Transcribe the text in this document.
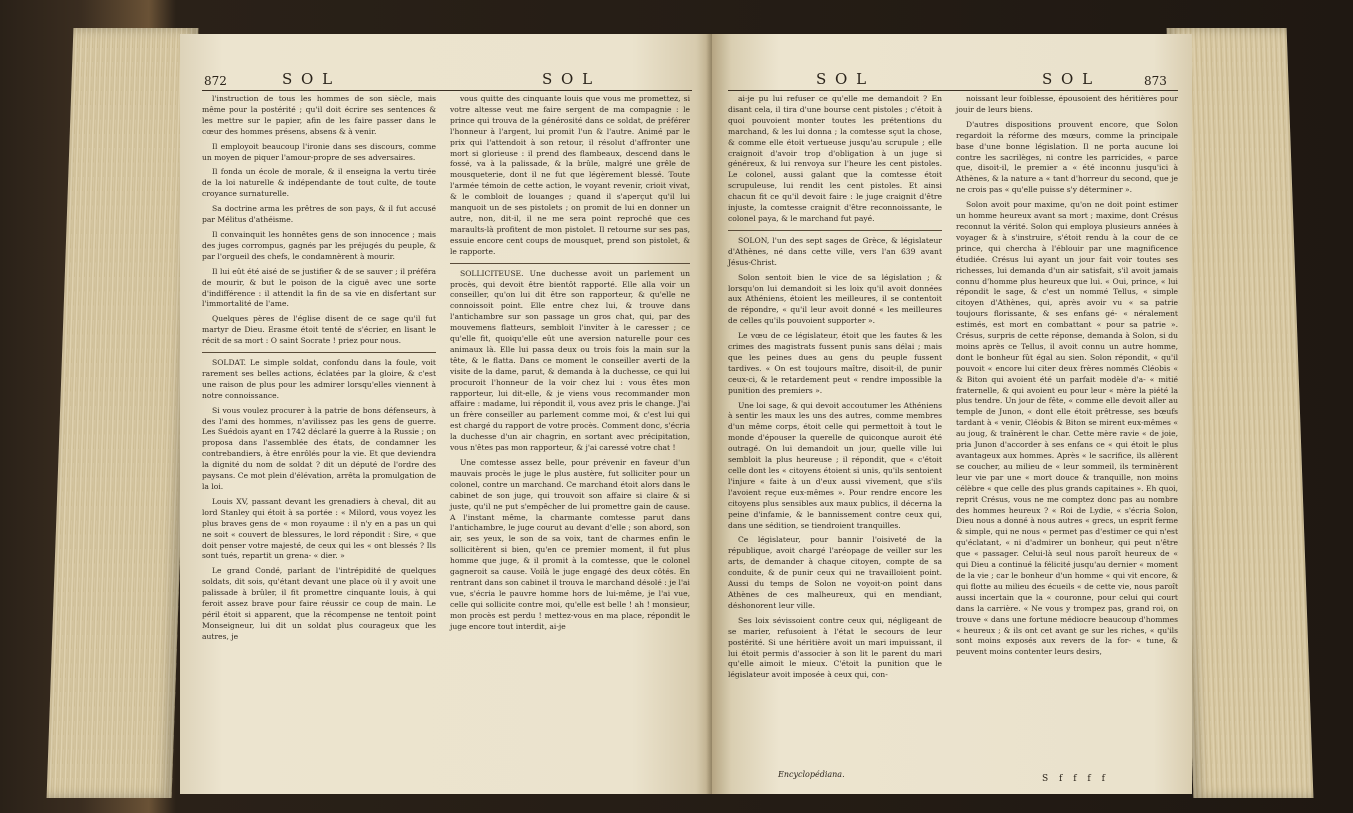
872	S O L	S O L

l'instruction de tous les hommes de son siècle, mais même pour la postérité ; qu'il doit écrire ses sentences & les mettre sur le papier, afin de les faire passer dans le cœur des hommes présens, absens & à venir.

Il employoit beaucoup l'ironie dans ses discours, comme un moyen de piquer l'amour-propre de ses adversaires.

Il fonda un école de morale, & il enseigna la vertu tirée de la loi naturelle & indépendante de tout culte, de toute croyance surnaturelle.

Sa doctrine arma les prêtres de son pays, & il fut accusé par Mélitus d'athéisme.

Il convainquit les honnêtes gens de son innocence ; mais des juges corrompus, gagnés par les préjugés du peuple, & par l'orgueil des chefs, le condamnèrent à mourir.

Il lui eût été aisé de se justifier & de se sauver ; il préféra de mourir, & but le poison de la ciguë avec une sorte d'indifférence : il attendit la fin de sa vie en disfertant sur l'immortalité de l'ame.

Quelques pères de l'église disent de ce sage qu'il fut martyr de Dieu. Erasme étoit tenté de s'écrier, en lisant le récit de sa mort : O saint Socrate ! priez pour nous.

SOLDAT. Le simple soldat, confondu dans la foule, voit rarement ses belles actions, éclatées par la gloire, & c'est une raison de plus pour les admirer lorsqu'elles viennent à notre connoissance.

Si vous voulez procurer à la patrie de bons défenseurs, à des l'ami des hommes, n'avilissez pas les gens de guerre. Les Suédois ayant en 1742 déclaré la guerre à la Russie ; on proposa dans l'assemblée des états, de condamner les contrebandiers, à être enrôlés pour la vie. Et que deviendra la dignité du nom de soldat ? dit un député de l'ordre des paysans. Ce mot plein d'élévation, arrêta la promulgation de la loi.

Louis XV, passant devant les grenadiers à cheval, dit au lord Stanley qui étoit à sa portée : « Milord, vous voyez les plus braves gens de « mon royaume : il n'y en a pas un qui ne soit « couvert de blessures, le lord répondit : Sire, « que doit penser votre majesté, de ceux qui les « ont blessés ? Ils sont tués, repartit un grena- « dier. »

Le grand Condé, parlant de l'intrépidité de quelques soldats, dit sois, qu'étant devant une place où il y avoit une palissade à brûler, il fit promettre cinquante louis, à qui feroit assez brave pour faire réussir ce coup de main. Le péril étoit si apparent, que la récompense ne tentoit point Monseigneur, lui dit un soldat plus courageux que les autres, je

vous quitte des cinquante louis que vous me promettez, si votre altesse veut me faire sergent de ma compagnie : le prince qui trouva de la générosité dans ce soldat, de préférer l'honneur à l'argent, lui promit l'un & l'autre. Animé par le prix qui l'attendoit à son retour, il résolut d'affronter une mort si glorieuse : il prend des flambeaux, descend dans le fossé, va à la palissade, & la brûle, malgré une grêle de mousqueterie, dont il ne fut que légèrement blessé. Toute l'armée témoin de cette action, le voyant revenir, crioit vivat, & le combloit de louanges ; quand il s'aperçut qu'il lui manquoit un de ses pistolets ; on promit de lui en donner un autre, non, dit-il, il ne me sera point reproché que ces maraults-là profitent de mon pistolet. Il retourne sur ses pas, essuie encore cent coups de mousquet, prend son pistolet, & le rapporte.

SOLLICITEUSE. Une duchesse avoit un parlement un procès, qui devoit être bientôt rapporté. Elle alla voir un conseiller, qu'on lui dit être son rapporteur, & qu'elle ne connoissoit point. Elle entre chez lui, & trouve dans l'antichambre sur son passage un gros chat, qui, par des mouvemens flatteurs, sembloit l'inviter à le caresser ; ce qu'elle fit, quoiqu'elle eût une aversion naturelle pour ces animaux là. Elle lui passa deux ou trois fois la main sur la tête, & le flatta. Dans ce moment le conseiller averti de la visite de la dame, parut, & demanda à la duchesse, ce qui lui procuroit l'honneur de la voir chez lui : vous êtes mon rapporteur, lui dit-elle, & je viens vous recommander mon affaire : madame, lui répondit il, vous avez pris le change. J'ai un frère conseiller au parlement comme moi, & c'est lui qui est chargé du rapport de votre procès. Comment donc, s'écria la duchesse d'un air chagrin, en sortant avec précipitation, vous n'êtes pas mon rapporteur, & j'ai caressé votre chat !

Une comtesse assez belle, pour prévenir en faveur d'un mauvais procès le juge le plus austère, fut solliciter pour un colonel, contre un marchand. Ce marchand étoit alors dans le cabinet de son juge, qui trouvoit son affaire si claire & si juste, qu'il ne put s'empêcher de lui promettre gain de cause. A l'instant même, la charmante comtesse parut dans l'antichambre, le juge courut au devant d'elle ; son abord, son air, ses yeux, le son de sa voix, tant de charmes enfin le sollicitèrent si bien, qu'en ce premier moment, il fut plus homme que juge, & il promit à la comtesse, que le colonel gagneroit sa cause. Voilà le juge engagé des deux côtés. En rentrant dans son cabinet il trouva le marchand désolé : je l'ai vue, s'écria le pauvre homme hors de lui-même, je l'ai vue, celle qui sollicite contre moi, qu'elle est belle ! ah ! monsieur, mon procès est perdu ! mettez-vous en ma place, répondit le juge encore tout interdit, ai-je

S O L	S O L	873

ai-je pu lui refuser ce qu'elle me demandoit ? En disant cela, il tira d'une bourse cent pistoles ; c'étoit à quoi pouvoient monter toutes les prétentions du marchand, & les lui donna ; la comtesse sçut la chose, & comme elle étoit vertueuse jusqu'au scrupule ; elle craignoit d'avoir trop d'obligation à un juge si généreux, & lui renvoya sur l'heure les cent pistoles. Le colonel, aussi galant que la comtesse étoit scrupuleuse, lui rendit les cent pistoles. Et ainsi chacun fit ce qu'il devoit faire : le juge craignit d'être injuste, la comtesse craignit d'être reconnoissante, le colonel paya, & le marchand fut payé.

SOLON, l'un des sept sages de Grèce, & législateur d'Athènes, né dans cette ville, vers l'an 639 avant Jésus-Christ.

Solon sentoit bien le vice de sa législation ; & lorsqu'on lui demandoit si les loix qu'il avoit données aux Athéniens, étoient les meilleures, il se contentoit de répondre, « qu'il leur avoit donné « les meilleures de celles qu'ils pouvoient supporter ».

Le vœu de ce législateur, étoit que les fautes & les crimes des magistrats fussent punis sans délai ; mais que les peines dues au gens du peuple fussent tardives. « On est toujours maître, disoit-il, de punir ceux-ci, & le retardement peut « rendre impossible la punition des premiers ».

Une loi sage, & qui devoit accoutumer les Athéniens à sentir les maux les uns des autres, comme membres d'un même corps, étoit celle qui permettoit à tout le monde d'épouser la querelle de quiconque auroit été outragé. On lui demandoit un jour, quelle ville lui sembloit la plus heureuse ; il répondit, que « c'étoit celle dont les « citoyens étoient si unis, qu'ils sentoient l'injure « faite à un d'eux aussi vivement, que s'ils l'avoient reçue eux-mêmes ». Pour rendre encore les citoyens plus sensibles aux maux publics, il décerna la peine d'infamie, & le bannissement contre ceux qui, dans une sédition, se tiendroient tranquilles.

Ce législateur, pour bannir l'oisiveté de la république, avoit chargé l'aréopage de veiller sur les arts, de demander à chaque citoyen, compte de sa conduite, & de punir ceux qui ne travailloient point. Aussi du temps de Solon ne voyoit-on point dans Athènes de ces malheureux, qui en mendiant, déshonorent leur ville.

Ses loix sévissoient contre ceux qui, négligeant de se marier, refusoient à l'état le secours de leur postérité. Si une héritière avoit un mari impuissant, il lui étoit permis d'associer à son lit le parent du mari qu'elle aimoit le mieux. C'étoit la punition que le législateur avoit imposée à ceux qui, con-

noissant leur foiblesse, épousoient des héritières pour jouir de leurs biens.

D'autres dispositions prouvent encore, que Solon regardoit la réforme des mœurs, comme la principale base d'une bonne législation. Il ne porta aucune loi contre les sacrilèges, ni contre les parricides, « parce que, disoit-il, le premier a « été inconnu jusqu'ici à Athènes, & la nature a « tant d'horreur du second, que je ne crois pas « qu'elle puisse s'y déterminer ».

Solon avoit pour maxime, qu'on ne doit point estimer un homme heureux avant sa mort ; maxime, dont Crésus reconnut la vérité. Solon qui employa plusieurs années à voyager & à s'instruire, s'étoit rendu à la cour de ce prince, qui chercha à l'éblouir par une magnificence étudiée. Crésus lui ayant un jour fait voir toutes ses richesses, lui demanda d'un air satisfait, s'il avoit jamais connu d'homme plus heureux que lui. « Oui, prince, « lui répondit le sage, & c'est un nommé Tellus, « simple citoyen d'Athènes, qui, après avoir vu « sa patrie toujours florissante, & ses enfans gé- « néralement estimés, est mort en combattant « pour sa patrie ». Crésus, surpris de cette réponse, demanda à Solon, si du moins après ce Tellus, il avoit connu un autre homme, dont le bonheur fût égal au sien. Solon répondit, « qu'il pouvoit « encore lui citer deux frères nommés Cléobis « & Biton qui avoient été un parfait modèle d'a- « mitié fraternelle, & qui avoient eu pour leur « mère la piété la plus tendre. Un jour de fête, « comme elle devoit aller au temple de Junon, « dont elle étoit prêtresse, ses bœufs tardant à « venir, Cléobis & Biton se mirent eux-mêmes « au joug, & traînèrent le char. Cette mère ravie « de joie, pria Junon d'accorder à ses enfans ce « qui étoit le plus avantageux aux hommes. Après « le sacrifice, ils allèrent se coucher, au milieu de « leur sommeil, ils terminèrent leur vie par une « mort douce & tranquille, non moins célèbre « que celle des plus grands capitaines ». Eh quoi, reprit Crésus, vous ne me comptez donc pas au nombre des hommes heureux ? « Roi de Lydie, « s'écria Solon, Dieu nous a donné à nous autres « grecs, un esprit ferme & simple, qui ne nous « permet pas d'estimer ce qui n'est qu'éclatant, « ni d'admirer un bonheur, qui peut n'être que « passager. Celui-là seul nous paroît heureux de « qui Dieu a continué la félicité jusqu'au dernier « moment de la vie ; car le bonheur d'un homme « qui vit encore, & qui flotte au milieu des écueils « de cette vie, nous paroît aussi incertain que la « couronne, pour celui qui court dans la carrière. « Ne vous y trompez pas, grand roi, on trouve « dans une fortune médiocre beaucoup d'hommes « heureux ; & ils ont cet avant ge sur les riches, « qu'ils sont moins exposés aux revers de la for- « tune, & peuvent moins contenter leurs desirs,

Encyclopédiana.	S f f f f
